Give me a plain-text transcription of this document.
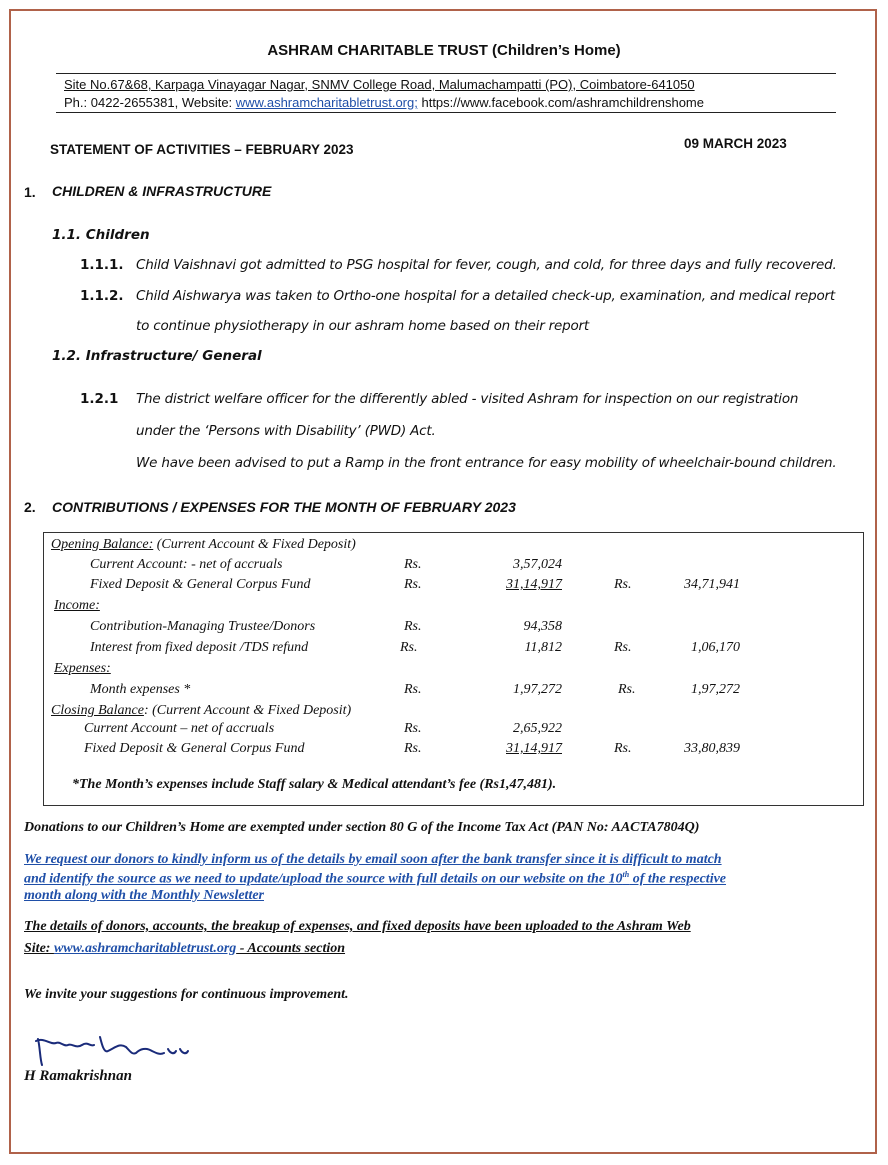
ASHRAM CHARITABLE TRUST (Children’s Home)
Site No.67&68, Karpaga Vinayagar Nagar, SNMV College Road, Malumachampatti (PO), Coimbatore-641050
Ph.: 0422-2655381, Website: www.ashramcharitabletrust.org; https://www.facebook.com/ashramchildrenshome
STATEMENT OF ACTIVITIES – FEBRUARY 2023	09 MARCH 2023
1. CHILDREN & INFRASTRUCTURE
1.1. Children
1.1.1. Child Vaishnavi got admitted to PSG hospital for fever, cough, and cold, for three days and fully recovered.
1.1.2. Child Aishwarya was taken to Ortho-one hospital for a detailed check-up, examination, and medical report
to continue physiotherapy in our ashram home based on their report
1.2. Infrastructure/ General
1.2.1 The district welfare officer for the differently abled - visited Ashram for inspection on our registration
under the ‘Persons with Disability’ (PWD) Act.
We have been advised to put a Ramp in the front entrance for easy mobility of wheelchair-bound children.
2. CONTRIBUTIONS / EXPENSES FOR THE MONTH OF FEBRUARY 2023
Opening Balance: (Current Account & Fixed Deposit)
Current Account: - net of accruals	Rs.	3,57,024
Fixed Deposit & General Corpus Fund	Rs.	31,14,917	Rs.	34,71,941
Income:
Contribution-Managing Trustee/Donors	Rs.	94,358
Interest from fixed deposit /TDS refund	Rs.	11,812	Rs.	1,06,170
Expenses:
Month expenses *	Rs.	1,97,272	Rs.	1,97,272
Closing Balance: (Current Account & Fixed Deposit)
Current Account – net of accruals	Rs.	2,65,922
Fixed Deposit & General Corpus Fund	Rs.	31,14,917	Rs.	33,80,839
*The Month’s expenses include Staff salary & Medical attendant’s fee (Rs1,47,481).
Donations to our Children’s Home are exempted under section 80 G of the Income Tax Act (PAN No: AACTA7804Q)
We request our donors to kindly inform us of the details by email soon after the bank transfer since it is difficult to match
and identify the source as we need to update/upload the source with full details on our website on the 10th of the respective
month along with the Monthly Newsletter
The details of donors, accounts, the breakup of expenses, and fixed deposits have been uploaded to the Ashram Web
Site: www.ashramcharitabletrust.org - Accounts section
We invite your suggestions for continuous improvement.
H Ramakrishnan
